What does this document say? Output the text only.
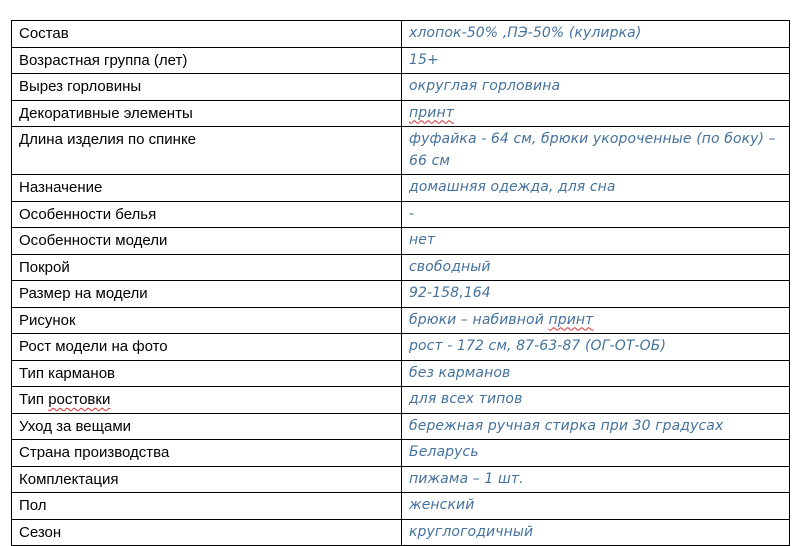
Состав	хлопок-50% ,ПЭ-50% (кулирка)
Возрастная группа (лет)	15+
Вырез горловины	округлая горловина
Декоративные элементы	принт
Длина изделия по спинке	фуфайка - 64 см, брюки укороченные (по боку) – 66 см
Назначение	домашняя одежда, для сна
Особенности белья	-
Особенности модели	нет
Покрой	свободный
Размер на модели	92-158,164
Рисунок	брюки – набивной принт
Рост модели на фото	рост - 172 см, 87-63-87 (ОГ-ОТ-ОБ)
Тип карманов	без карманов
Тип ростовки	для всех типов
Уход за вещами	бережная ручная стирка при 30 градусах
Страна производства	Беларусь
Комплектация	пижама – 1 шт.
Пол	женский
Сезон	круглогодичный
